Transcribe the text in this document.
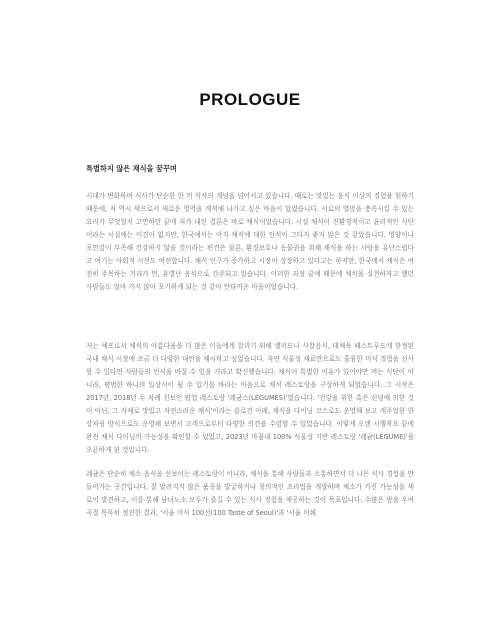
PROLOGUE
특별하지 않은 채식을 꿈꾸며

시대가 변화하며 식사가 단순한 한 끼 식사의 개념을 넘어서고 있습니다. 때로는 맛있는 음식 이상의 경험을 원하기 때문에, 저 역시 셰프로서 새로운 영역을 개척해 나가고 싶은 마음이 있었습니다. 서로의 열망을 충족시킬 수 있는 요리가 무엇일지 고민하던 끝에 저가 내린 결론은 바로 채식이었습니다. 시설 채식이 진환경적이고 윤리적인 식단이라는 시실에는 이견이 없지만, 한국에서는 아직 채식에 대한 인식이 그다지 좋지 않은 것 같았습니다. 영양이나 포만감이 부족해 건강하지 않을 것이라는 편견은 물론, 환경보호나 동물권을 위해 채식을 하는 사람을 유난스럽다고 여기는 사회적 시선도 여전합니다. 채식 인구가 증가하고 시장이 성장하고 있다고는 하지만, 한국에서 채식은 여전히 주목하는 거리가 먼, 유별난 음식으로 간주되고 있습니다. 이러한 과정 끝에 때문에 채식을 실천하자고 했던 사람들도 얼마 가지 않아 포기하게 되는 것 같아 안타까운 마음이었습니다.

저는 셰프로서 채식의 아름다움을 더 많은 이들에게 알리기 위해 셀러드나 사찰음식, 대체육 패스트푸드에 한정된 국내 채식 시장에 조금 더 다양한 대안을 제시하고 싶었습니다. 자연 식물성 재료만으로도 훌륭한 미식 경험을 선사할 수 있다면 사람들의 인식을 바꿀 수 있을 거라고 확신했습니다. 채식이 특별한 이유가 있어야만 먹는 식단이 아니라, 평범한 하나의 일상식이 될 수 있기를 바라는 마음으로 채식 레스토랑을 구상하게 되었습니다. 그 시작은 2017년, 2018년 두 차례 선보인 팝업 레스토랑 '레귬스(LÉGUMES)'였습니다. '건강을 위한 혹은 신념에 의한 것이 아닌, 그 자체로 맛있고 자연스러운 채식'이라는 슬로건 아래, 채식을 다이닝 코스로도 운영해 보고 캐주얼한 한상차림 방식으로도 운영해 보면서 고객으로부터 다양한 의견을 수렴할 수 있었습니다. 이렇게 오랜 시행착오 끝에 완전 채식 다이닝의 가능성을 확인할 수 있었고, 2023년 마침내 100% 식물성 기반 레스토랑 '레귬(LÉGUME)'을 오픈하게 된 것입니다.

레귬은 단순히 채소 음식을 선보이는 레스토랑이 아니라, 채식을 통해 사람들과 소통하면서 더 나은 식사 경험을 만들어가는 공간입니다. 잘 알려지지 않은 품종을 발굴하거나 창의적인 조리법을 개발하며 채소가 가진 가능성을 새로이 발견하고, 이를 통해 남녀노소 모두가 즐길 수 있는 식사 경험을 제공하는 것이 목표입니다. 수많은 밤을 우여곡절 목묵히 정진한 결과, '서울 미식 100선(100 Taste of Seoul)'과 '서울 미쉐
